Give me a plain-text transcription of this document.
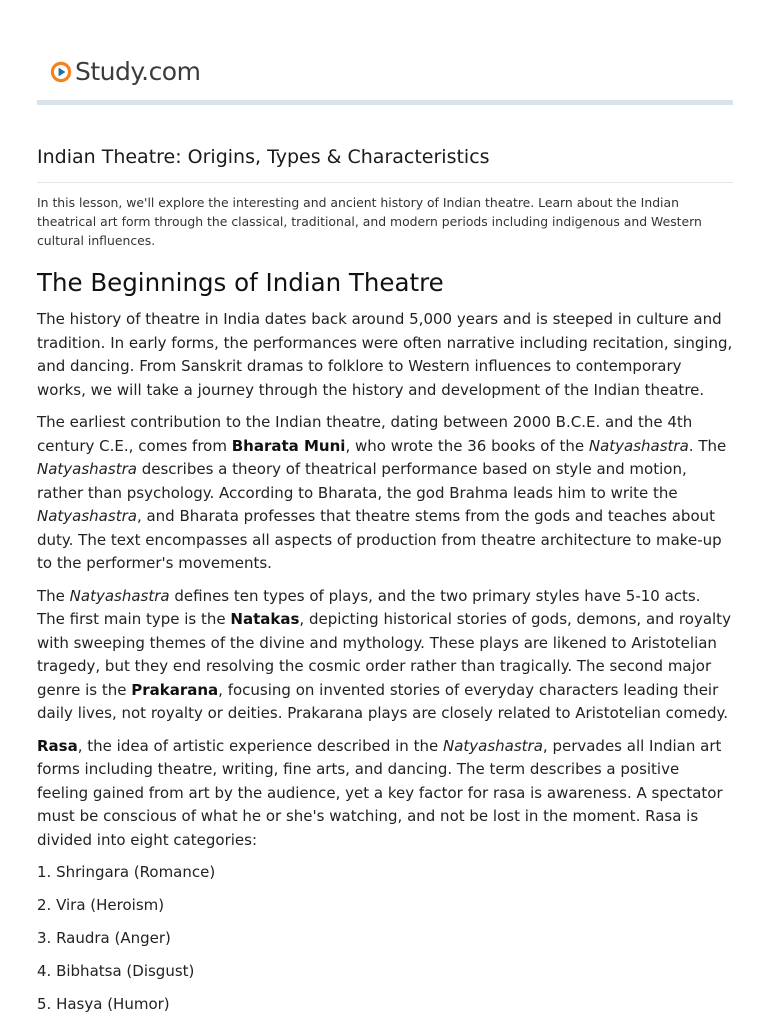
Study.com
Indian Theatre: Origins, Types & Characteristics

In this lesson, we'll explore the interesting and ancient history of Indian theatre. Learn about the Indian theatrical art form through the classical, traditional, and modern periods including indigenous and Western cultural influences.

The Beginnings of Indian Theatre

The history of theatre in India dates back around 5,000 years and is steeped in culture and tradition. In early forms, the performances were often narrative including recitation, singing, and dancing. From Sanskrit dramas to folklore to Western influences to contemporary works, we will take a journey through the history and development of the Indian theatre.

The earliest contribution to the Indian theatre, dating between 2000 B.C.E. and the 4th century C.E., comes from Bharata Muni, who wrote the 36 books of the Natyashastra. The Natyashastra describes a theory of theatrical performance based on style and motion, rather than psychology. According to Bharata, the god Brahma leads him to write the Natyashastra, and Bharata professes that theatre stems from the gods and teaches about duty. The text encompasses all aspects of production from theatre architecture to make-up to the performer's movements.

The Natyashastra defines ten types of plays, and the two primary styles have 5-10 acts. The first main type is the Natakas, depicting historical stories of gods, demons, and royalty with sweeping themes of the divine and mythology. These plays are likened to Aristotelian tragedy, but they end resolving the cosmic order rather than tragically. The second major genre is the Prakarana, focusing on invented stories of everyday characters leading their daily lives, not royalty or deities. Prakarana plays are closely related to Aristotelian comedy.

Rasa, the idea of artistic experience described in the Natyashastra, pervades all Indian art forms including theatre, writing, fine arts, and dancing. The term describes a positive feeling gained from art by the audience, yet a key factor for rasa is awareness. A spectator must be conscious of what he or she's watching, and not be lost in the moment. Rasa is divided into eight categories:

1. Shringara (Romance)

2. Vira (Heroism)

3. Raudra (Anger)

4. Bibhatsa (Disgust)

5. Hasya (Humor)
